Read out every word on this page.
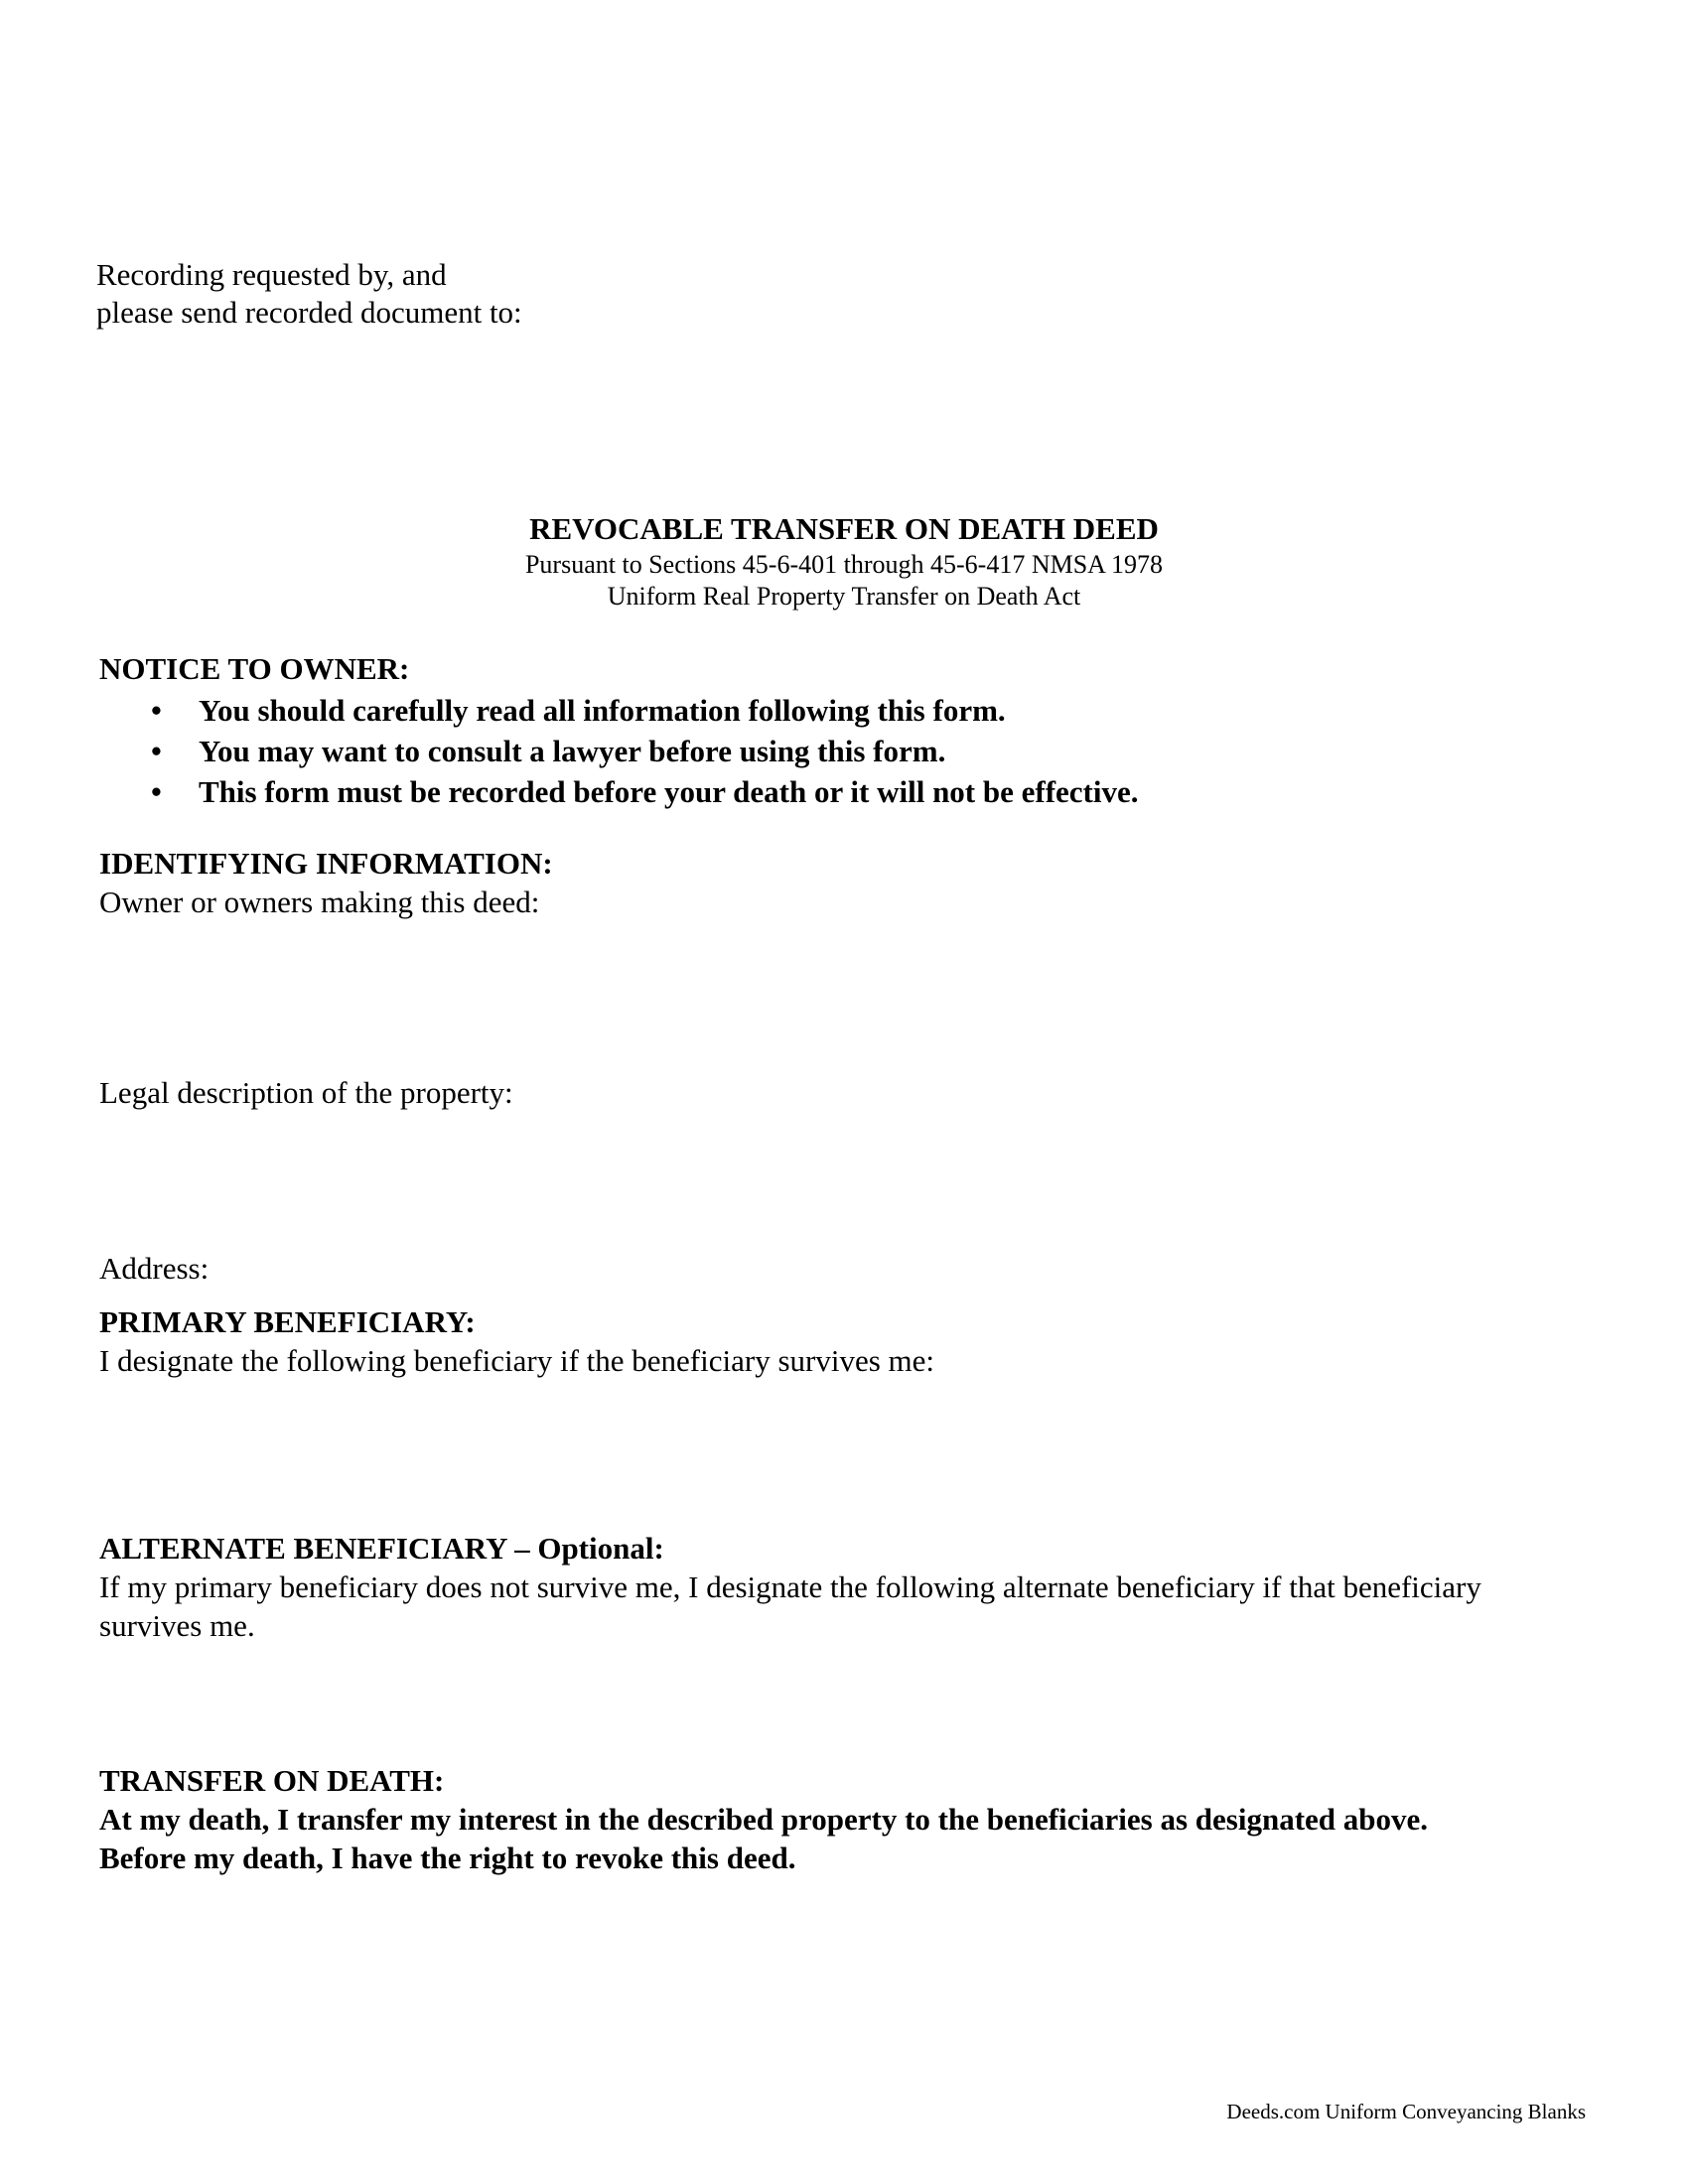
Recording requested by, and
please send recorded document to:
REVOCABLE TRANSFER ON DEATH DEED
Pursuant to Sections 45-6-401 through 45-6-417 NMSA 1978
Uniform Real Property Transfer on Death Act
NOTICE TO OWNER:
• You should carefully read all information following this form.
• You may want to consult a lawyer before using this form.
• This form must be recorded before your death or it will not be effective.
IDENTIFYING INFORMATION:
Owner or owners making this deed:
Legal description of the property:
Address:
PRIMARY BENEFICIARY:
I designate the following beneficiary if the beneficiary survives me:
ALTERNATE BENEFICIARY – Optional:
If my primary beneficiary does not survive me, I designate the following alternate beneficiary if that beneficiary
survives me.
TRANSFER ON DEATH:
At my death, I transfer my interest in the described property to the beneficiaries as designated above.
Before my death, I have the right to revoke this deed.
Deeds.com Uniform Conveyancing Blanks
